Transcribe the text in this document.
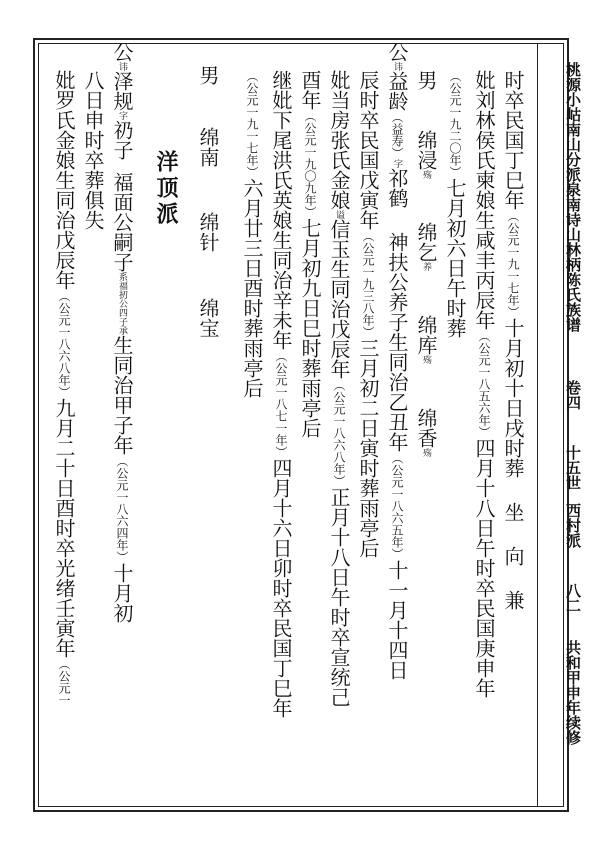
桃源小岵南山分派泉南诗山林柄陈氏族谱
卷四
十五世
西村派
八二
共和甲申年续修
时卒民国丁巳年（公元一九一七年）十月初十日戌时葬 坐 向 兼
妣刘林侯氏柬娘生咸丰丙辰年（公元一八五六年）四月十八日午时卒民国庚申年
（公元一九二〇年）七月初六日午时葬
男
绵浸殇
绵乞养
绵库殇
绵香殇
公讳益龄（益寿）字祁鹤 神扶公养子生同治乙丑年（公元一八六五年）十一月十四日
辰时卒民国戊寅年（公元一九三八年）三月初二日寅时葬雨亭后
妣当房张氏金娘谥信玉生同治戊辰年（公元一八六八年）正月十八日午时卒宣统己
酉年（公元一九〇九年）七月初九日巳时葬雨亭后
继妣下尾洪氏英娘生同治辛未年（公元一八七一年）四月十六日卯时卒民国丁巳年
（公元一九一七年）六月廿三日酉时葬雨亭后
男
绵南
绵针
绵宝
洋顶派
公讳泽规字礽子福面公嗣子系福扨公四子承生同治甲子年（公元一八六四年）十月初
八日申时卒葬俱失
妣罗氏金娘生同治戊辰年（公元一八六八年）九月二十日酉时卒光绪壬寅年（公元一
